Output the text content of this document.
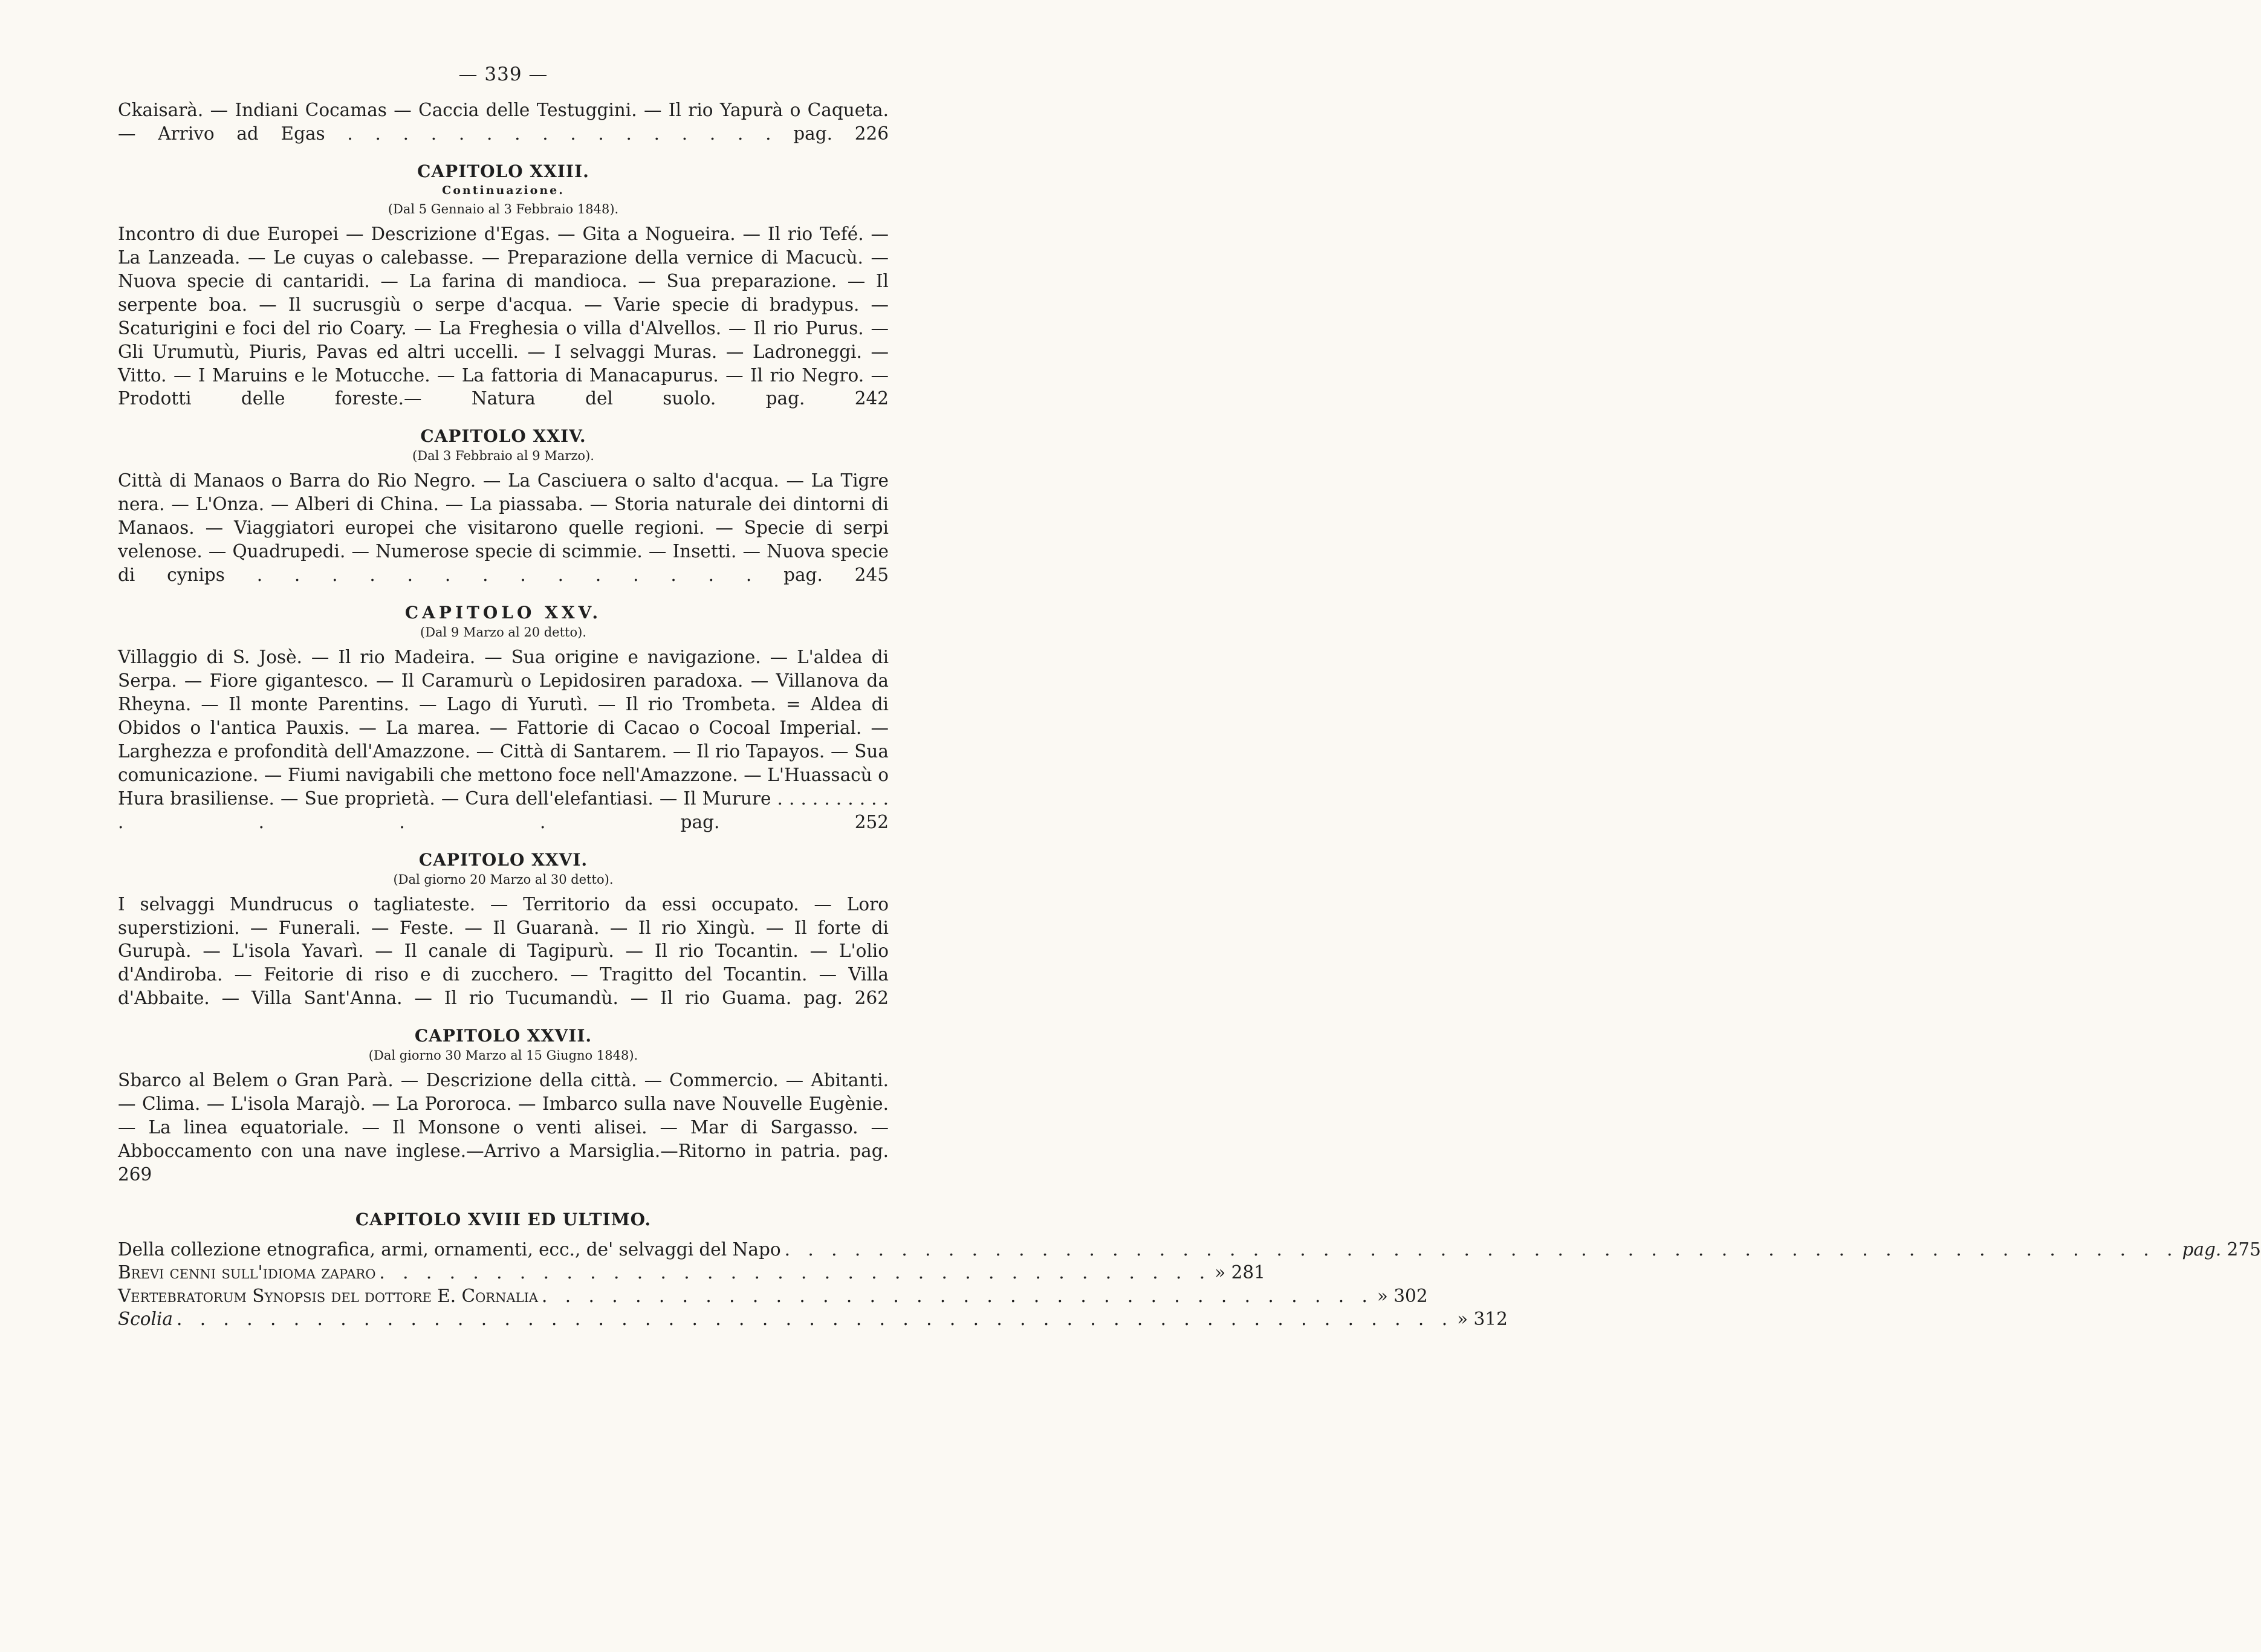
— 339 —

Ckaisarà. — Indiani Cocamas — Caccia delle Testuggini. — Il rio Yapurà o Caqueta. — Arrivo ad Egas . . . . . . . . . . . . . . . . pag. 226

CAPITOLO XXIII.
Continuazione.
(Dal 5 Gennaio al 3 Febbraio 1848).

Incontro di due Europei — Descrizione d'Egas. — Gita a Nogueira. — Il rio Tefé. — La Lanzeada. — Le cuyas o calebasse. — Preparazione della vernice di Macucù. — Nuova specie di cantaridi. — La farina di mandioca. — Sua preparazione. — Il serpente boa. — Il sucrusgiù o serpe d'acqua. — Varie specie di bradypus. — Scaturigini e foci del rio Coary. — La Freghesia o villa d'Alvellos. — Il rio Purus. — Gli Urumutù, Piuris, Pavas ed altri uccelli. — I selvaggi Muras. — Ladroneggi. — Vitto. — I Maruins e le Motucche. — La fattoria di Manacapurus. — Il rio Negro. — Prodotti delle foreste.— Natura del suolo. pag. 242

CAPITOLO XXIV.
(Dal 3 Febbraio al 9 Marzo).

Città di Manaos o Barra do Rio Negro. — La Casciuera o salto d'acqua. — La Tigre nera. — L'Onza. — Alberi di China. — La piassaba. — Storia naturale dei dintorni di Manaos. — Viaggiatori europei che visitarono quelle regioni. — Specie di serpi velenose. — Quadrupedi. — Numerose specie di scimmie. — Insetti. — Nuova specie di cynips . . . . . . . . . . . . . . pag. 245

CAPITOLO XXV.
(Dal 9 Marzo al 20 detto).

Villaggio di S. Josè. — Il rio Madeira. — Sua origine e navigazione. — L'aldea di Serpa. — Fiore gigantesco. — Il Caramurù o Lepidosiren paradoxa. — Villanova da Rheyna. — Il monte Parentins. — Lago di Yurutì. — Il rio Trombeta. = Aldea di Obidos o l'antica Pauxis. — La marea. — Fattorie di Cacao o Cocoal Imperial. — Larghezza e profondità dell'Amazzone. — Città di Santarem. — Il rio Tapayos. — Sua comunicazione. — Fiumi navigabili che mettono foce nell'Amazzone. — L'Huassacù o Hura brasiliense. — Sue proprietà. — Cura dell'elefantiasi. — Il Murure . . . . . . . . . . . . . . pag. 252

CAPITOLO XXVI.
(Dal giorno 20 Marzo al 30 detto).

I selvaggi Mundrucus o tagliateste. — Territorio da essi occupato. — Loro superstizioni. — Funerali. — Feste. — Il Guaranà. — Il rio Xingù. — Il forte di Gurupà. — L'isola Yavarì. — Il canale di Tagipurù. — Il rio Tocantin. — L'olio d'Andiroba. — Feitorie di riso e di zucchero. — Tragitto del Tocantin. — Villa d'Abbaite. — Villa Sant'Anna. — Il rio Tucumandù. — Il rio Guama. pag. 262

CAPITOLO XXVII.
(Dal giorno 30 Marzo al 15 Giugno 1848).

Sbarco al Belem o Gran Parà. — Descrizione della città. — Commercio. — Abitanti. — Clima. — L'isola Marajò. — La Pororoca. — Imbarco sulla nave Nouvelle Eugènie. — La linea equatoriale. — Il Monsone o venti alisei. — Mar di Sargasso. — Abboccamento con una nave inglese.—Arrivo a Marsiglia.—Ritorno in patria. pag. 269

CAPITOLO XVIII ED ULTIMO.
Della collezione etnografica, armi, ornamenti, ecc., de' selvaggi del Napo . . . . . . . . . . . . . . . . . . . . . . . . . . . . . . . . . . . . . . . . . . . . . . . . . . . . . . . . . . . . pag. 275
Brevi cenni sull'idioma zaparo . . . . . . . . . . . . . . . . . . . . . . . . . . . . . . . . . . . . » 281
Vertebratorum Synopsis del dottore E. Cornalia . . . . . . . . . . . . . . . . . . . . . . . . . . . . . . . . . . . . » 302
Scolia . . . . . . . . . . . . . . . . . . . . . . . . . . . . . . . . . . . . . . . . . . . . . . . . . . . . . . . » 312
